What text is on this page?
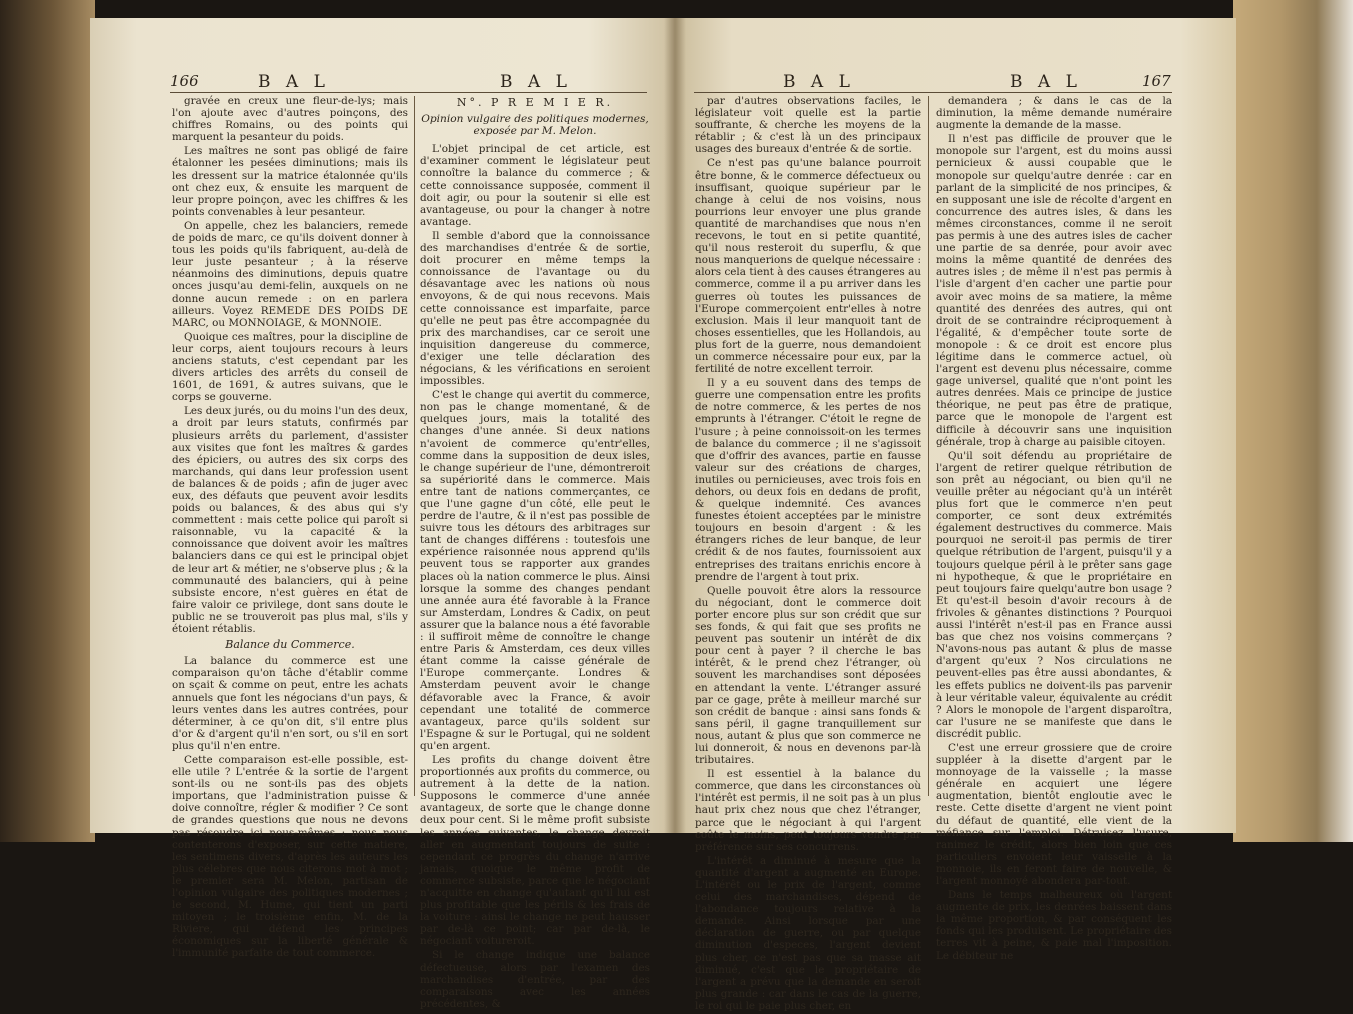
166	B A L	B A L	B A L	B A L	167

gravée en creux une fleur-de-lys; mais l'on ajoute avec d'autres poinçons, des chiffres Romains, ou des points qui marquent la pesanteur du poids.

Les maîtres ne sont pas obligé de faire étalonner les pesées diminutions; mais ils les dressent sur la matrice étalonnée qu'ils ont chez eux, & ensuite les marquent de leur propre poinçon, avec les chiffres & les points convenables à leur pesanteur.

On appelle, chez les balanciers, remede de poids de marc, ce qu'ils doivent donner à tous les poids qu'ils fabriquent, au-delà de leur juste pesanteur ; à la réserve néanmoins des diminutions, depuis quatre onces jusqu'au demi-felin, auxquels on ne donne aucun remede : on en parlera ailleurs. Voyez REMEDE DES POIDS DE MARC, ou MONNOIAGE, & MONNOIE.

Quoique ces maîtres, pour la discipline de leur corps, aient toujours recours à leurs anciens statuts, c'est cependant par les divers articles des arrêts du conseil de 1601, de 1691, & autres suivans, que le corps se gouverne.

Les deux jurés, ou du moins l'un des deux, a droit par leurs statuts, confirmés par plusieurs arrêts du parlement, d'assister aux visites que font les maîtres & gardes des épiciers, ou autres des six corps des marchands, qui dans leur profession usent de balances & de poids ; afin de juger avec eux, des défauts que peuvent avoir lesdits poids ou balances, & des abus qui s'y commettent : mais cette police qui paroît si raisonnable, vu la capacité & la connoissance que doivent avoir les maîtres balanciers dans ce qui est le principal objet de leur art & métier, ne s'observe plus ; & la communauté des balanciers, qui à peine subsiste encore, n'est guères en état de faire valoir ce privilege, dont sans doute le public ne se trouveroit pas plus mal, s'ils y étoient rétablis.

Balance du Commerce.

La balance du commerce est une comparaison qu'on tâche d'établir comme on sçait & comme on peut, entre les achats annuels que font les négocians d'un pays, & leurs ventes dans les autres contrées, pour déterminer, à ce qu'on dit, s'il entre plus d'or & d'argent qu'il n'en sort, ou s'il en sort plus qu'il n'en entre.

Cette comparaison est-elle possible, est-elle utile ? L'entrée & la sortie de l'argent sont-ils ou ne sont-ils pas des objets importans, que l'administration puisse & doive connoître, régler & modifier ? Ce sont de grandes questions que nous ne devons pas résoudre ici nous-mêmes : nous nous contenterons d'exposer, sur cette matiere, les sentimens divers, d'après les auteurs les plus célebres que nous citerons mot à mot ; le premier sera M. Melon, partisan de l'opinion vulgaire des politiques modernes ; le second, M. Hume, qui tient un parti mitoyen ; le troisième enfin, M. de la Riviere, qui défend les principes économiques sur la liberté générale & l'immunité parfaite de tout commerce.

N°. P R E M I E R.
Opinion vulgaire des politiques modernes, exposée par M. Melon.

L'objet principal de cet article, est d'examiner comment le législateur peut connoître la balance du commerce ; & cette connoissance supposée, comment il doit agir, ou pour la soutenir si elle est avantageuse, ou pour la changer à notre avantage.

Il semble d'abord que la connoissance des marchandises d'entrée & de sortie, doit procurer en même temps la connoissance de l'avantage ou du désavantage avec les nations où nous envoyons, & de qui nous recevons. Mais cette connoissance est imparfaite, parce qu'elle ne peut pas être accompagnée du prix des marchandises, car ce seroit une inquisition dangereuse du commerce, d'exiger une telle déclaration des négocians, & les vérifications en seroient impossibles.

C'est le change qui avertit du commerce, non pas le change momentané, & de quelques jours, mais la totalité des changes d'une année. Si deux nations n'avoient de commerce qu'entr'elles, comme dans la supposition de deux isles, le change supérieur de l'une, démontreroit sa supériorité dans le commerce. Mais entre tant de nations commerçantes, ce que l'une gagne d'un côté, elle peut le perdre de l'autre, & il n'est pas possible de suivre tous les détours des arbitrages sur tant de changes différens : toutesfois une expérience raisonnée nous apprend qu'ils peuvent tous se rapporter aux grandes places où la nation commerce le plus. Ainsi lorsque la somme des changes pendant une année aura été favorable à la France sur Amsterdam, Londres & Cadix, on peut assurer que la balance nous a été favorable : il suffiroit même de connoître le change entre Paris & Amsterdam, ces deux villes étant comme la caisse générale de l'Europe commerçante. Londres & Amsterdam peuvent avoir le change défavorable avec la France, & avoir cependant une totalité de commerce avantageux, parce qu'ils soldent sur l'Espagne & sur le Portugal, qui ne soldent qu'en argent.

Les profits du change doivent être proportionnés aux profits du commerce, ou autrement à la dette de la nation. Supposons le commerce d'une année avantageux, de sorte que le change donne deux pour cent. Si le même profit subsiste les années suivantes, le change devroit aller en augmentant toujours de suite : cependant ce progrès du change n'arrive jamais, quoique le même profit de commerce subsiste, parce que le négociant n'acquitte en change qu'autant qu'il lui est plus profitable que les périls & les frais de la voiture : ainsi le change ne peut hausser par de-là ce point; car par de-là, le négociant voitureroit.

Si le change indique une balance défectueuse, alors par l'examen des marchandises d'entrée, par des comparaisons avec les années précédentes, &

par d'autres observations faciles, le législateur voit quelle est la partie souffrante, & cherche les moyens de la rétablir ; & c'est là un des principaux usages des bureaux d'entrée & de sortie.

Ce n'est pas qu'une balance pourroit être bonne, & le commerce défectueux ou insuffisant, quoique supérieur par le change à celui de nos voisins, nous pourrions leur envoyer une plus grande quantité de marchandises que nous n'en recevons, le tout en si petite quantité, qu'il nous resteroit du superflu, & que nous manquerions de quelque nécessaire : alors cela tient à des causes étrangeres au commerce, comme il a pu arriver dans les guerres où toutes les puissances de l'Europe commerçoient entr'elles à notre exclusion. Mais il leur manquoit tant de choses essentielles, que les Hollandois, au plus fort de la guerre, nous demandoient un commerce nécessaire pour eux, par la fertilité de notre excellent terroir.

Il y a eu souvent dans des temps de guerre une compensation entre les profits de notre commerce, & les pertes de nos emprunts à l'étranger. C'étoit le regne de l'usure ; à peine connoissoit-on les termes de balance du commerce ; il ne s'agissoit que d'offrir des avances, partie en fausse valeur sur des créations de charges, inutiles ou pernicieuses, avec trois fois en dehors, ou deux fois en dedans de profit, & quelque indemnité. Ces avances funestes étoient acceptées par le ministre toujours en besoin d'argent : & les étrangers riches de leur banque, de leur crédit & de nos fautes, fournissoient aux entreprises des traitans enrichis encore à prendre de l'argent à tout prix.

Quelle pouvoit être alors la ressource du négociant, dont le commerce doit porter encore plus sur son crédit que sur ses fonds, & qui fait que ses profits ne peuvent pas soutenir un intérêt de dix pour cent à payer ? il cherche le bas intérêt, & le prend chez l'étranger, où souvent les marchandises sont déposées en attendant la vente. L'étranger assuré par ce gage, prête à meilleur marché sur son crédit de banque : ainsi sans fonds & sans péril, il gagne tranquillement sur nous, autant & plus que son commerce ne lui donneroit, & nous en devenons par-là tributaires.

Il est essentiel à la balance du commerce, que dans les circonstances où l'intérêt est permis, il ne soit pas à un plus haut prix chez nous que chez l'étranger, parce que le négociant à qui l'argent coûte le moins, peut toujours vendre par préférence sur ses concurrens.

L'intérêt a diminué à mesure que la quantité d'argent a augmenté en Europe. L'intérêt ou le prix de l'argent, comme celui des marchandises, dépend de l'abondance toujours relative à la demande. Ainsi lorsque par une déclaration de guerre, ou par quelque diminution d'especes, l'argent devient plus cher, ce n'est pas que sa masse ait diminué, c'est que le propriétaire de l'argent a prévu que la demande en seroit plus grande : car dans le cas de la guerre, le roi qui le paie plus cher, en

demandera ; & dans le cas de la diminution, la même demande numéraire augmente la demande de la masse.

Il n'est pas difficile de prouver que le monopole sur l'argent, est du moins aussi pernicieux & aussi coupable que le monopole sur quelqu'autre denrée : car en parlant de la simplicité de nos principes, & en supposant une isle de récolte d'argent en concurrence des autres isles, & dans les mêmes circonstances, comme il ne seroit pas permis à une des autres isles de cacher une partie de sa denrée, pour avoir avec moins la même quantité de denrées des autres isles ; de même il n'est pas permis à l'isle d'argent d'en cacher une partie pour avoir avec moins de sa matiere, la même quantité des denrées des autres, qui ont droit de se contraindre réciproquement à l'égalité, & d'empêcher toute sorte de monopole : & ce droit est encore plus légitime dans le commerce actuel, où l'argent est devenu plus nécessaire, comme gage universel, qualité que n'ont point les autres denrées. Mais ce principe de justice théorique, ne peut pas être de pratique, parce que le monopole de l'argent est difficile à découvrir sans une inquisition générale, trop à charge au paisible citoyen.

Qu'il soit défendu au propriétaire de l'argent de retirer quelque rétribution de son prêt au négociant, ou bien qu'il ne veuille prêter au négociant qu'à un intérêt plus fort que le commerce n'en peut comporter, ce sont deux extrémités également destructives du commerce. Mais pourquoi ne seroit-il pas permis de tirer quelque rétribution de l'argent, puisqu'il y a toujours quelque péril à le prêter sans gage ni hypotheque, & que le propriétaire en peut toujours faire quelqu'autre bon usage ? Et qu'est-il besoin d'avoir recours à de frivoles & gênantes distinctions ? Pourquoi aussi l'intérêt n'est-il pas en France aussi bas que chez nos voisins commerçans ? N'avons-nous pas autant & plus de masse d'argent qu'eux ? Nos circulations ne peuvent-elles pas être aussi abondantes, & les effets publics ne doivent-ils pas parvenir à leur véritable valeur, équivalente au crédit ? Alors le monopole de l'argent disparoîtra, car l'usure ne se manifeste que dans le discrédit public.

C'est une erreur grossiere que de croire suppléer à la disette d'argent par le monnoyage de la vaisselle ; la masse générale en acquiert une légere augmentation, bientôt engloutie avec le reste. Cette disette d'argent ne vient point du défaut de quantité, elle vient de la méfiance sur l'emploi. Détruisez l'usure, ranimez le crédit, alors bien loin que ces particuliers envoient leur vaisselle à la monnoie, ils en feront faire de nouvelle, & l'argent monnoyé abondera par-tout.

Dans le temps malheureux où l'argent augmente de prix, les denrées baissent dans la même proportion, & par conséquent les fonds qui les produisent. Le propriétaire des terres vit à peine, & paie mal l'imposition. Le débiteur ne
